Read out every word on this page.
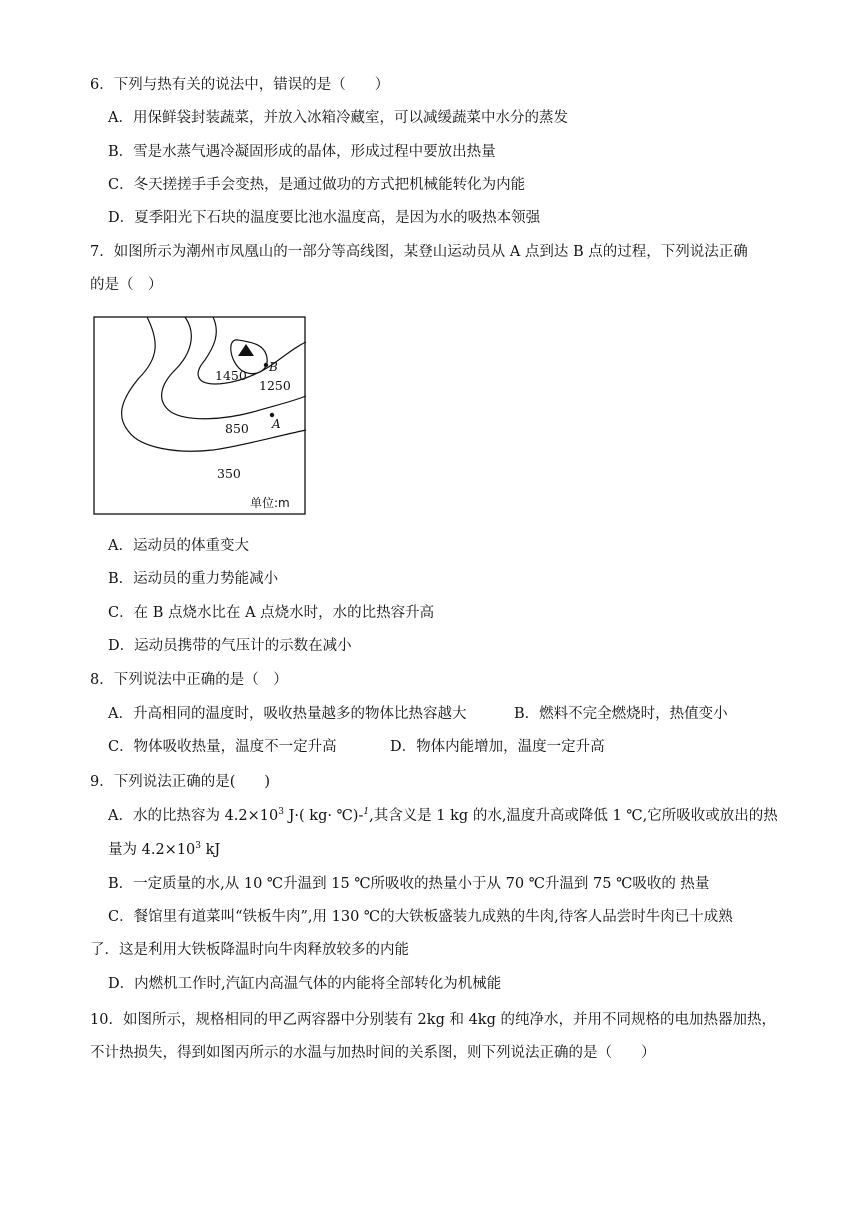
6．下列与热有关的说法中，错误的是（　　）
A．用保鲜袋封装蔬菜，并放入冰箱冷藏室，可以减缓蔬菜中水分的蒸发
B．雪是水蒸气遇冷凝固形成的晶体，形成过程中要放出热量
C．冬天搓搓手手会变热，是通过做功的方式把机械能转化为内能
D．夏季阳光下石块的温度要比池水温度高，是因为水的吸热本领强
7．如图所示为潮州市凤凰山的一部分等高线图，某登山运动员从 A 点到达 B 点的过程，下列说法正确
的是（　）
B
A
1450
1250
850
350
单位:m
A．运动员的体重变大
B．运动员的重力势能减小
C．在 B 点烧水比在 A 点烧水时，水的比热容升高
D．运动员携带的气压计的示数在减小
8．下列说法中正确的是（　）
A．升高相同的温度时，吸收热量越多的物体比热容越大	B．燃料不完全燃烧时，热值变小
C．物体吸收热量，温度不一定升高	D．物体内能增加，温度一定升高
9．下列说法正确的是(　　)
A．水的比热容为 $4.2\times 10^3$ J·( kg· ℃)-$^1$,其含义是 1 kg 的水,温度升高或降低 1 ℃,它所吸收或放出的热
量为 $4.2\times 10^3$ kJ
B．一定质量的水,从 10 ℃升温到 15 ℃所吸收的热量小于从 70 ℃升温到 75 ℃吸收的 热量
C．餐馆里有道菜叫“铁板牛肉”,用 130 ℃的大铁板盛装九成熟的牛肉,待客人品尝时牛肉已十成熟
了．这是利用大铁板降温时向牛肉释放较多的内能
D．内燃机工作时,汽缸内高温气体的内能将全部转化为机械能
10．如图所示，规格相同的甲乙两容器中分别装有 2kg 和 4kg 的纯净水，并用不同规格的电加热器加热，
不计热损失，得到如图丙所示的水温与加热时间的关系图，则下列说法正确的是（　　）
